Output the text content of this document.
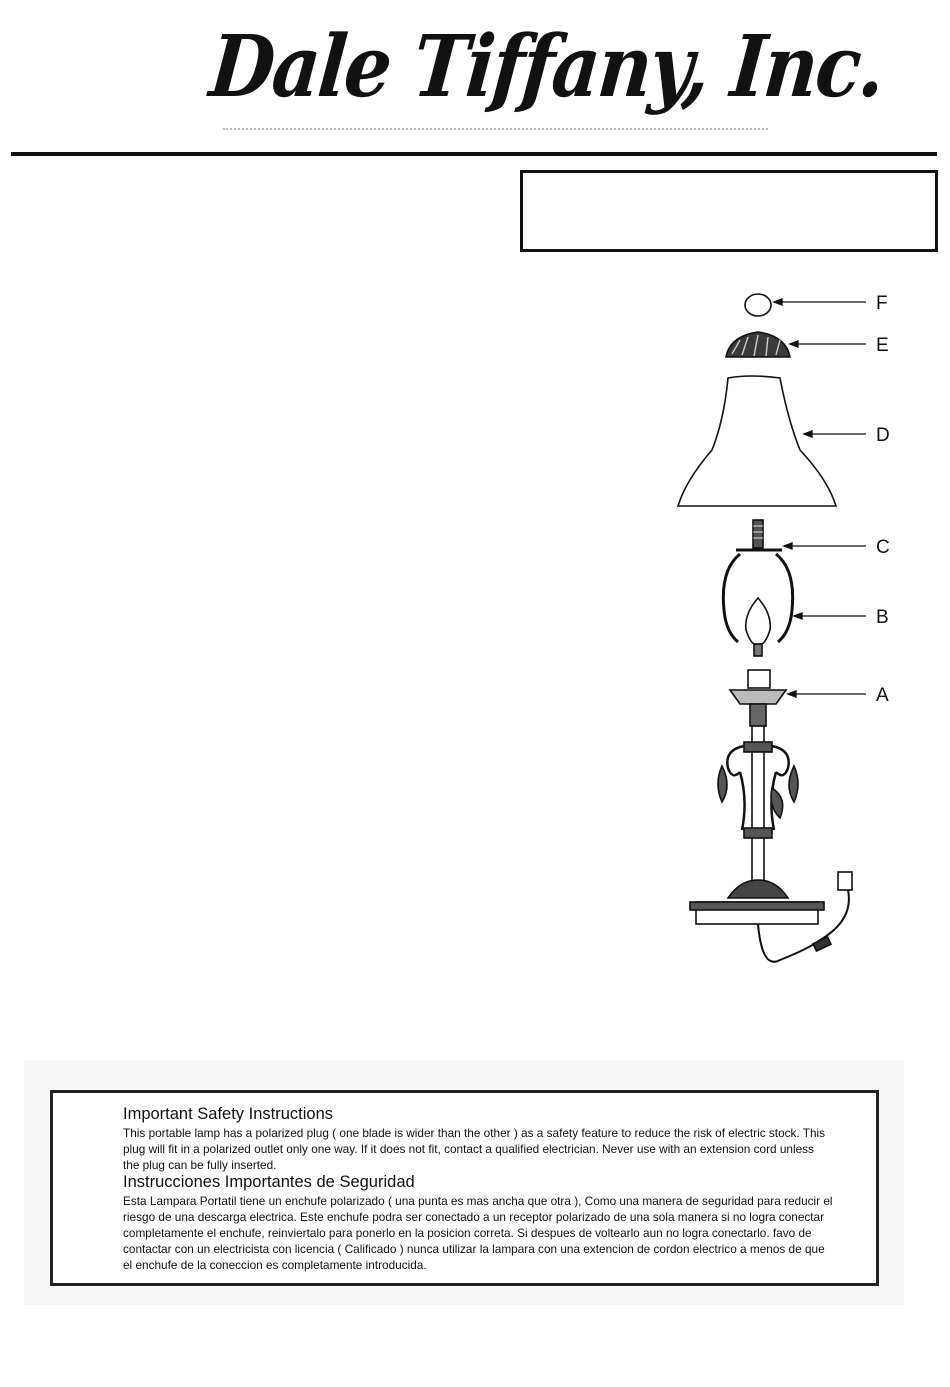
Dale Tiffany, Inc.
F
E
D
C
B
A
Important Safety Instructions
This portable lamp has a polarized plug ( one blade is wider than the other ) as a safety feature to reduce the risk of electric stock. This plug will fit in a polarized outlet only one way. If it does not fit, contact a qualified electrician. Never use with an extension cord unless the plug can be fully inserted.
Instrucciones Importantes de Seguridad
Esta Lampara Portatil tiene un enchufe polarizado ( una punta es mas ancha que otra ), Como una manera de seguridad para reducir el riesgo de una descarga electrica. Este enchufe podra ser conectado a un receptor polarizado de una sola manera si no logra conectar completamente el enchufe, reinviertalo para ponerlo en la posicion correta. Si despues de voltearlo aun no logra conectarlo. favo de contactar con un electricista con licencia ( Calificado ) nunca utilizar la lampara con una extencion de cordon electrico a menos de que el enchufe de la coneccion es completamente introducida.
